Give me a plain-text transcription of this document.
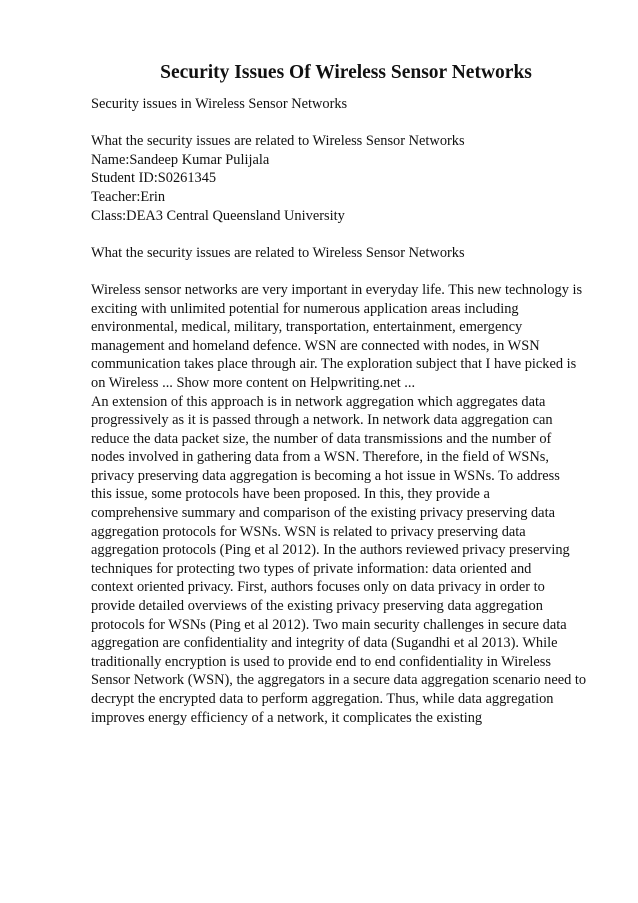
Security Issues Of Wireless Sensor Networks
Security issues in Wireless Sensor Networks
What the security issues are related to Wireless Sensor Networks
Name:Sandeep Kumar Pulijala
Student ID:S0261345
Teacher:Erin
Class:DEA3 Central Queensland University
What the security issues are related to Wireless Sensor Networks
Wireless sensor networks are very important in everyday life. This new technology is
exciting with unlimited potential for numerous application areas including
environmental, medical, military, transportation, entertainment, emergency
management and homeland defence. WSN are connected with nodes, in WSN
communication takes place through air. The exploration subject that I have picked is
on Wireless ... Show more content on Helpwriting.net ...
An extension of this approach is in network aggregation which aggregates data
progressively as it is passed through a network. In network data aggregation can
reduce the data packet size, the number of data transmissions and the number of
nodes involved in gathering data from a WSN. Therefore, in the field of WSNs,
privacy preserving data aggregation is becoming a hot issue in WSNs. To address
this issue, some protocols have been proposed. In this, they provide a
comprehensive summary and comparison of the existing privacy preserving data
aggregation protocols for WSNs. WSN is related to privacy preserving data
aggregation protocols (Ping et al 2012). In the authors reviewed privacy preserving
techniques for protecting two types of private information: data oriented and
context oriented privacy. First, authors focuses only on data privacy in order to
provide detailed overviews of the existing privacy preserving data aggregation
protocols for WSNs (Ping et al 2012). Two main security challenges in secure data
aggregation are confidentiality and integrity of data (Sugandhi et al 2013). While
traditionally encryption is used to provide end to end confidentiality in Wireless
Sensor Network (WSN), the aggregators in a secure data aggregation scenario need to
decrypt the encrypted data to perform aggregation. Thus, while data aggregation
improves energy efficiency of a network, it complicates the existing
